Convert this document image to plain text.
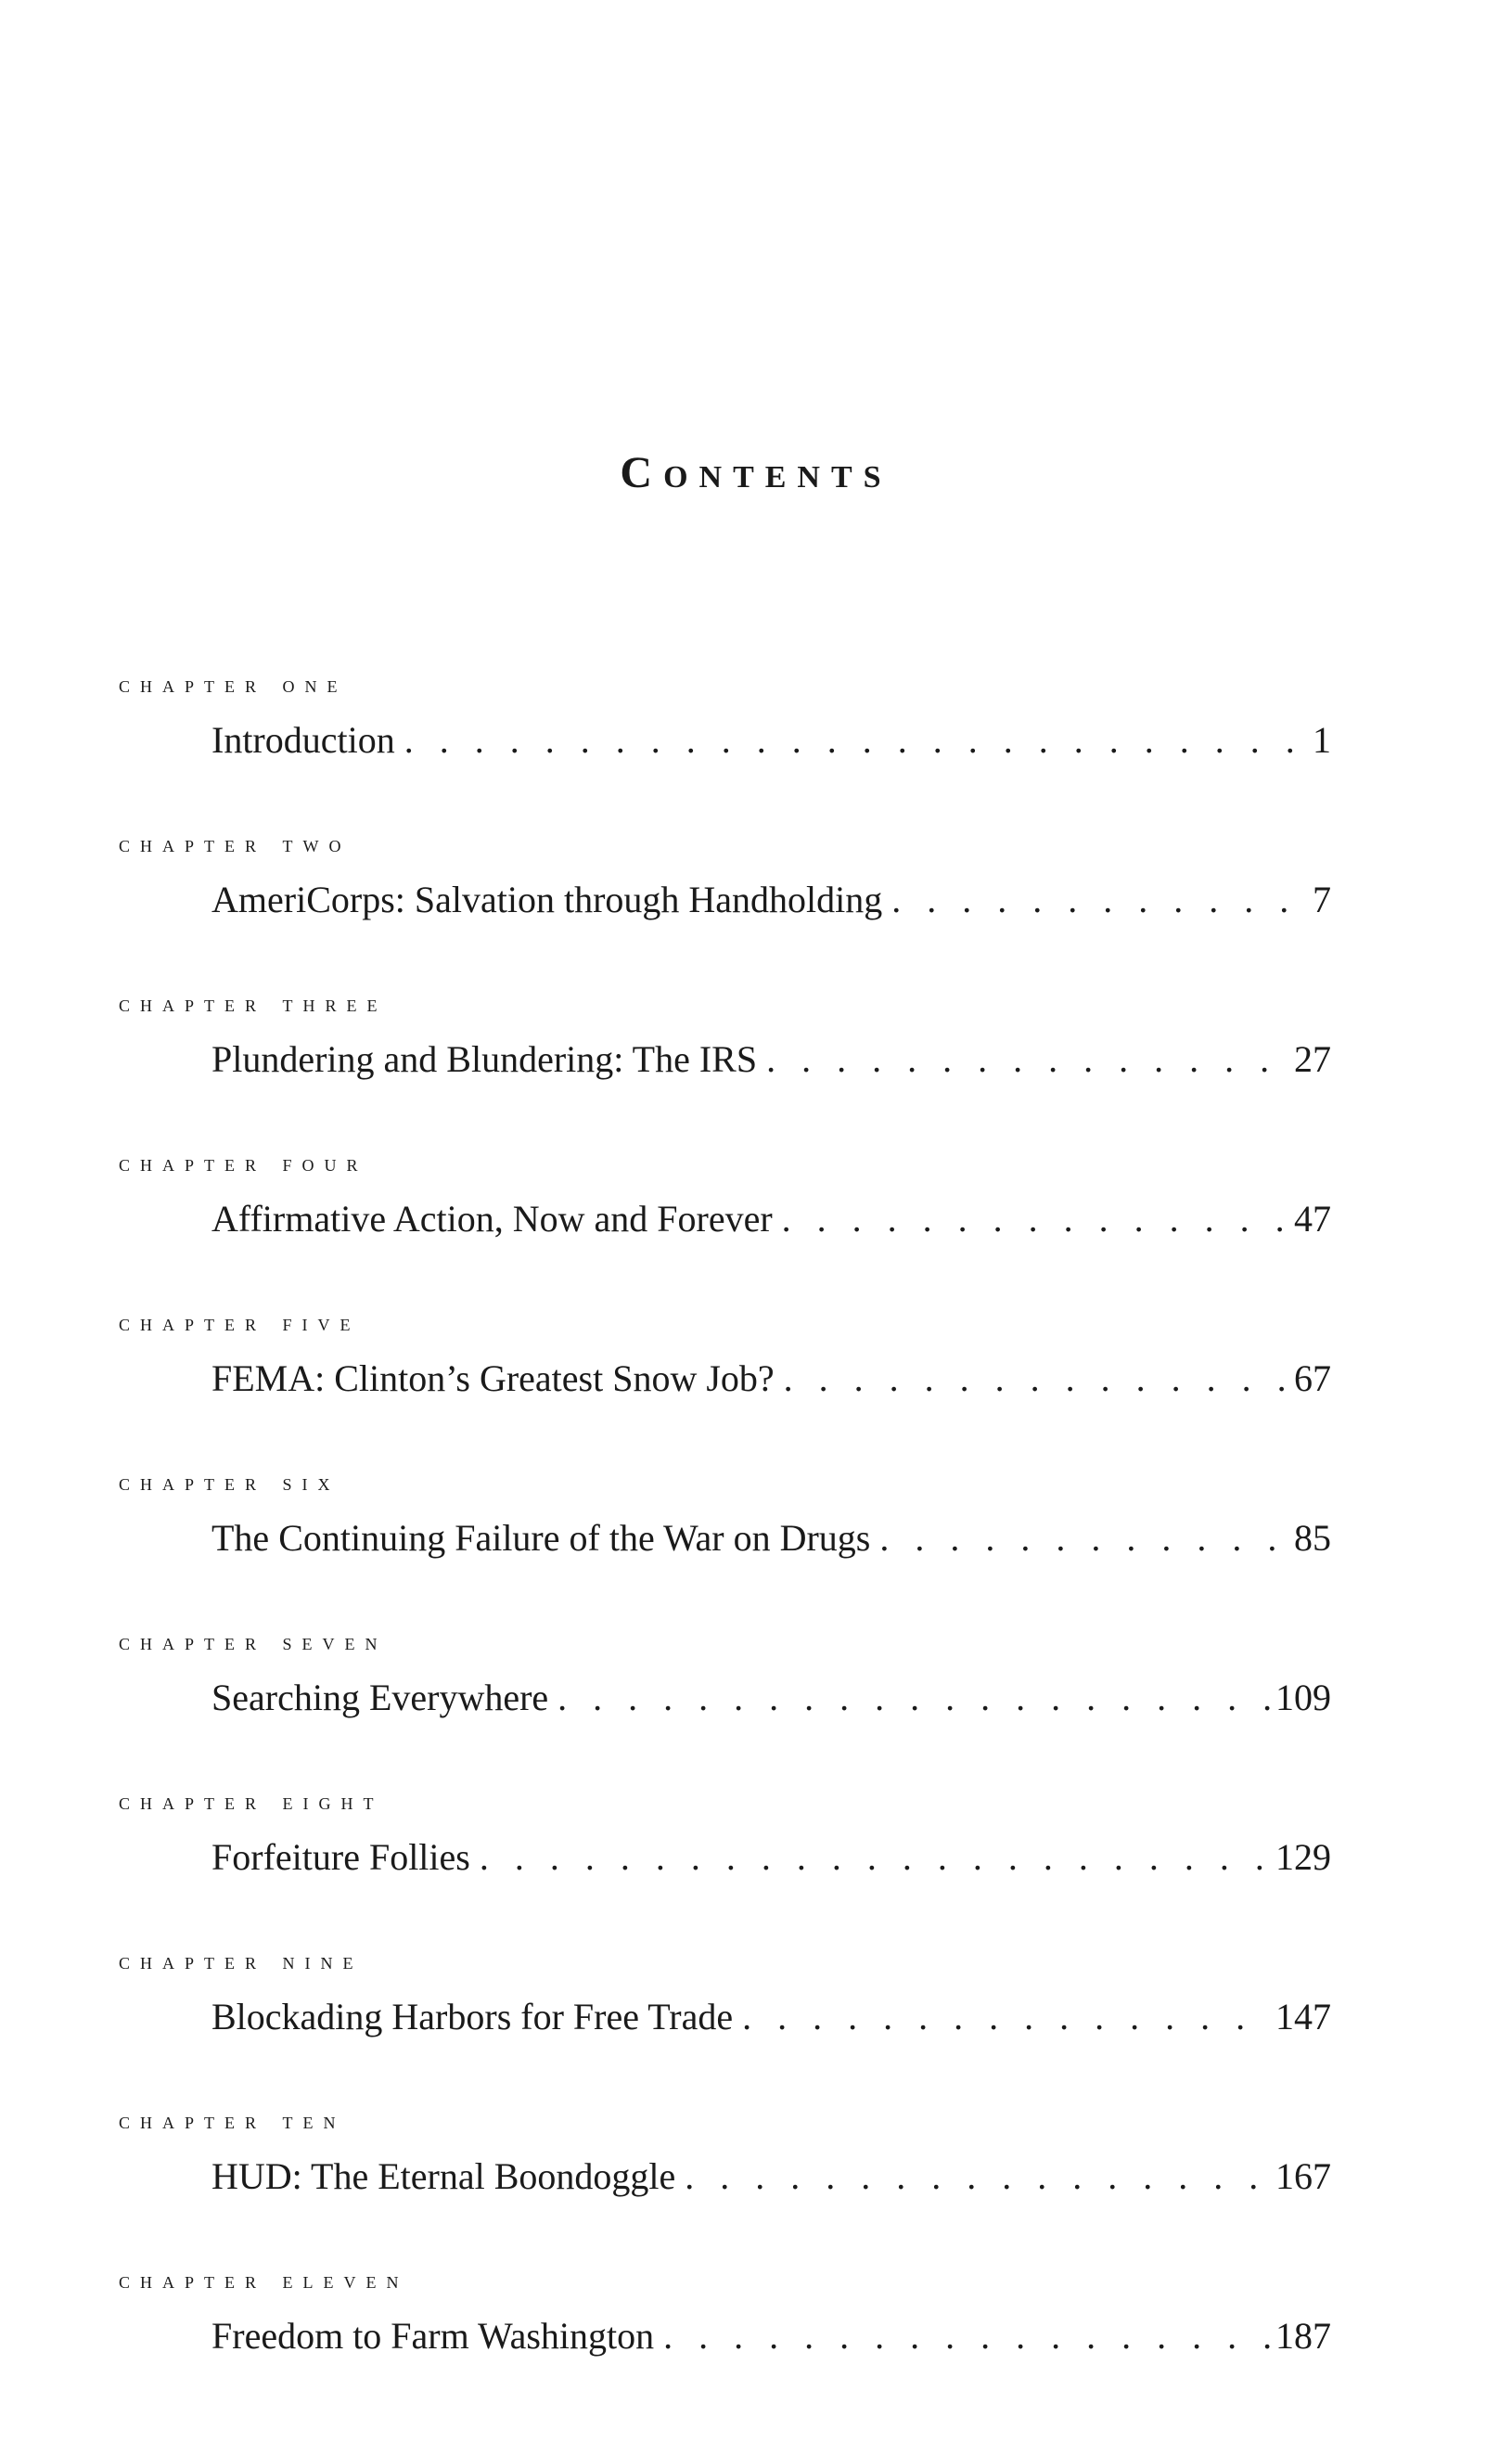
Contents
chapter one
Introduction . . .	1
chapter two
AmeriCorps: Salvation through Handholding . . .	7
chapter three
Plundering and Blundering: The IRS . . .	27
chapter four
Affirmative Action, Now and Forever . . .	47
chapter five
FEMA: Clinton’s Greatest Snow Job? . . .	67
chapter six
The Continuing Failure of the War on Drugs . . .	85
chapter seven
Searching Everywhere . . .	109
chapter eight
Forfeiture Follies . . .	129
chapter nine
Blockading Harbors for Free Trade . . .	147
chapter ten
HUD: The Eternal Boondoggle . . .	167
chapter eleven
Freedom to Farm Washington . . .	187
